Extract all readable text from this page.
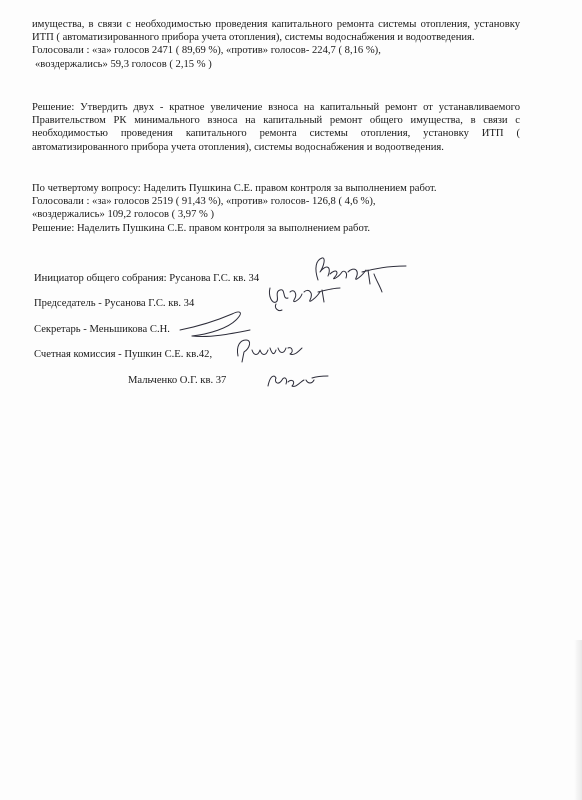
имущества, в связи с необходимостью проведения капитального ремонта системы отопления, установку ИТП ( автоматизированного прибора учета отопления), системы водоснабжения и водоотведения.

Голосовали : «за» голосов 2471 ( 89,69 %), «против» голосов- 224,7 ( 8,16 %),

«воздержались» 59,3 голосов ( 2,15 % )

Решение: Утвердить двух - кратное увеличение взноса на капитальный ремонт от устанавливаемого Правительством РК минимального взноса на капитальный ремонт общего имущества, в связи с необходимостью проведения капитального ремонта системы отопления, установку ИТП ( автоматизированного прибора учета отопления), системы водоснабжения и водоотведения.

По четвертому вопросу: Наделить Пушкина С.Е. правом контроля за выполнением работ.

Голосовали : «за» голосов 2519 ( 91,43 %), «против» голосов- 126,8 ( 4,6 %),

«воздержались» 109,2 голосов ( 3,97 % )

Решение: Наделить Пушкина С.Е. правом контроля за выполнением работ.

Инициатор общего собрания: Русанова Г.С. кв. 34
Председатель - Русанова Г.С. кв. 34
Секретарь - Меньшикова С.Н.
Счетная комиссия - Пушкин С.Е. кв.42,
Мальченко О.Г. кв. 37
